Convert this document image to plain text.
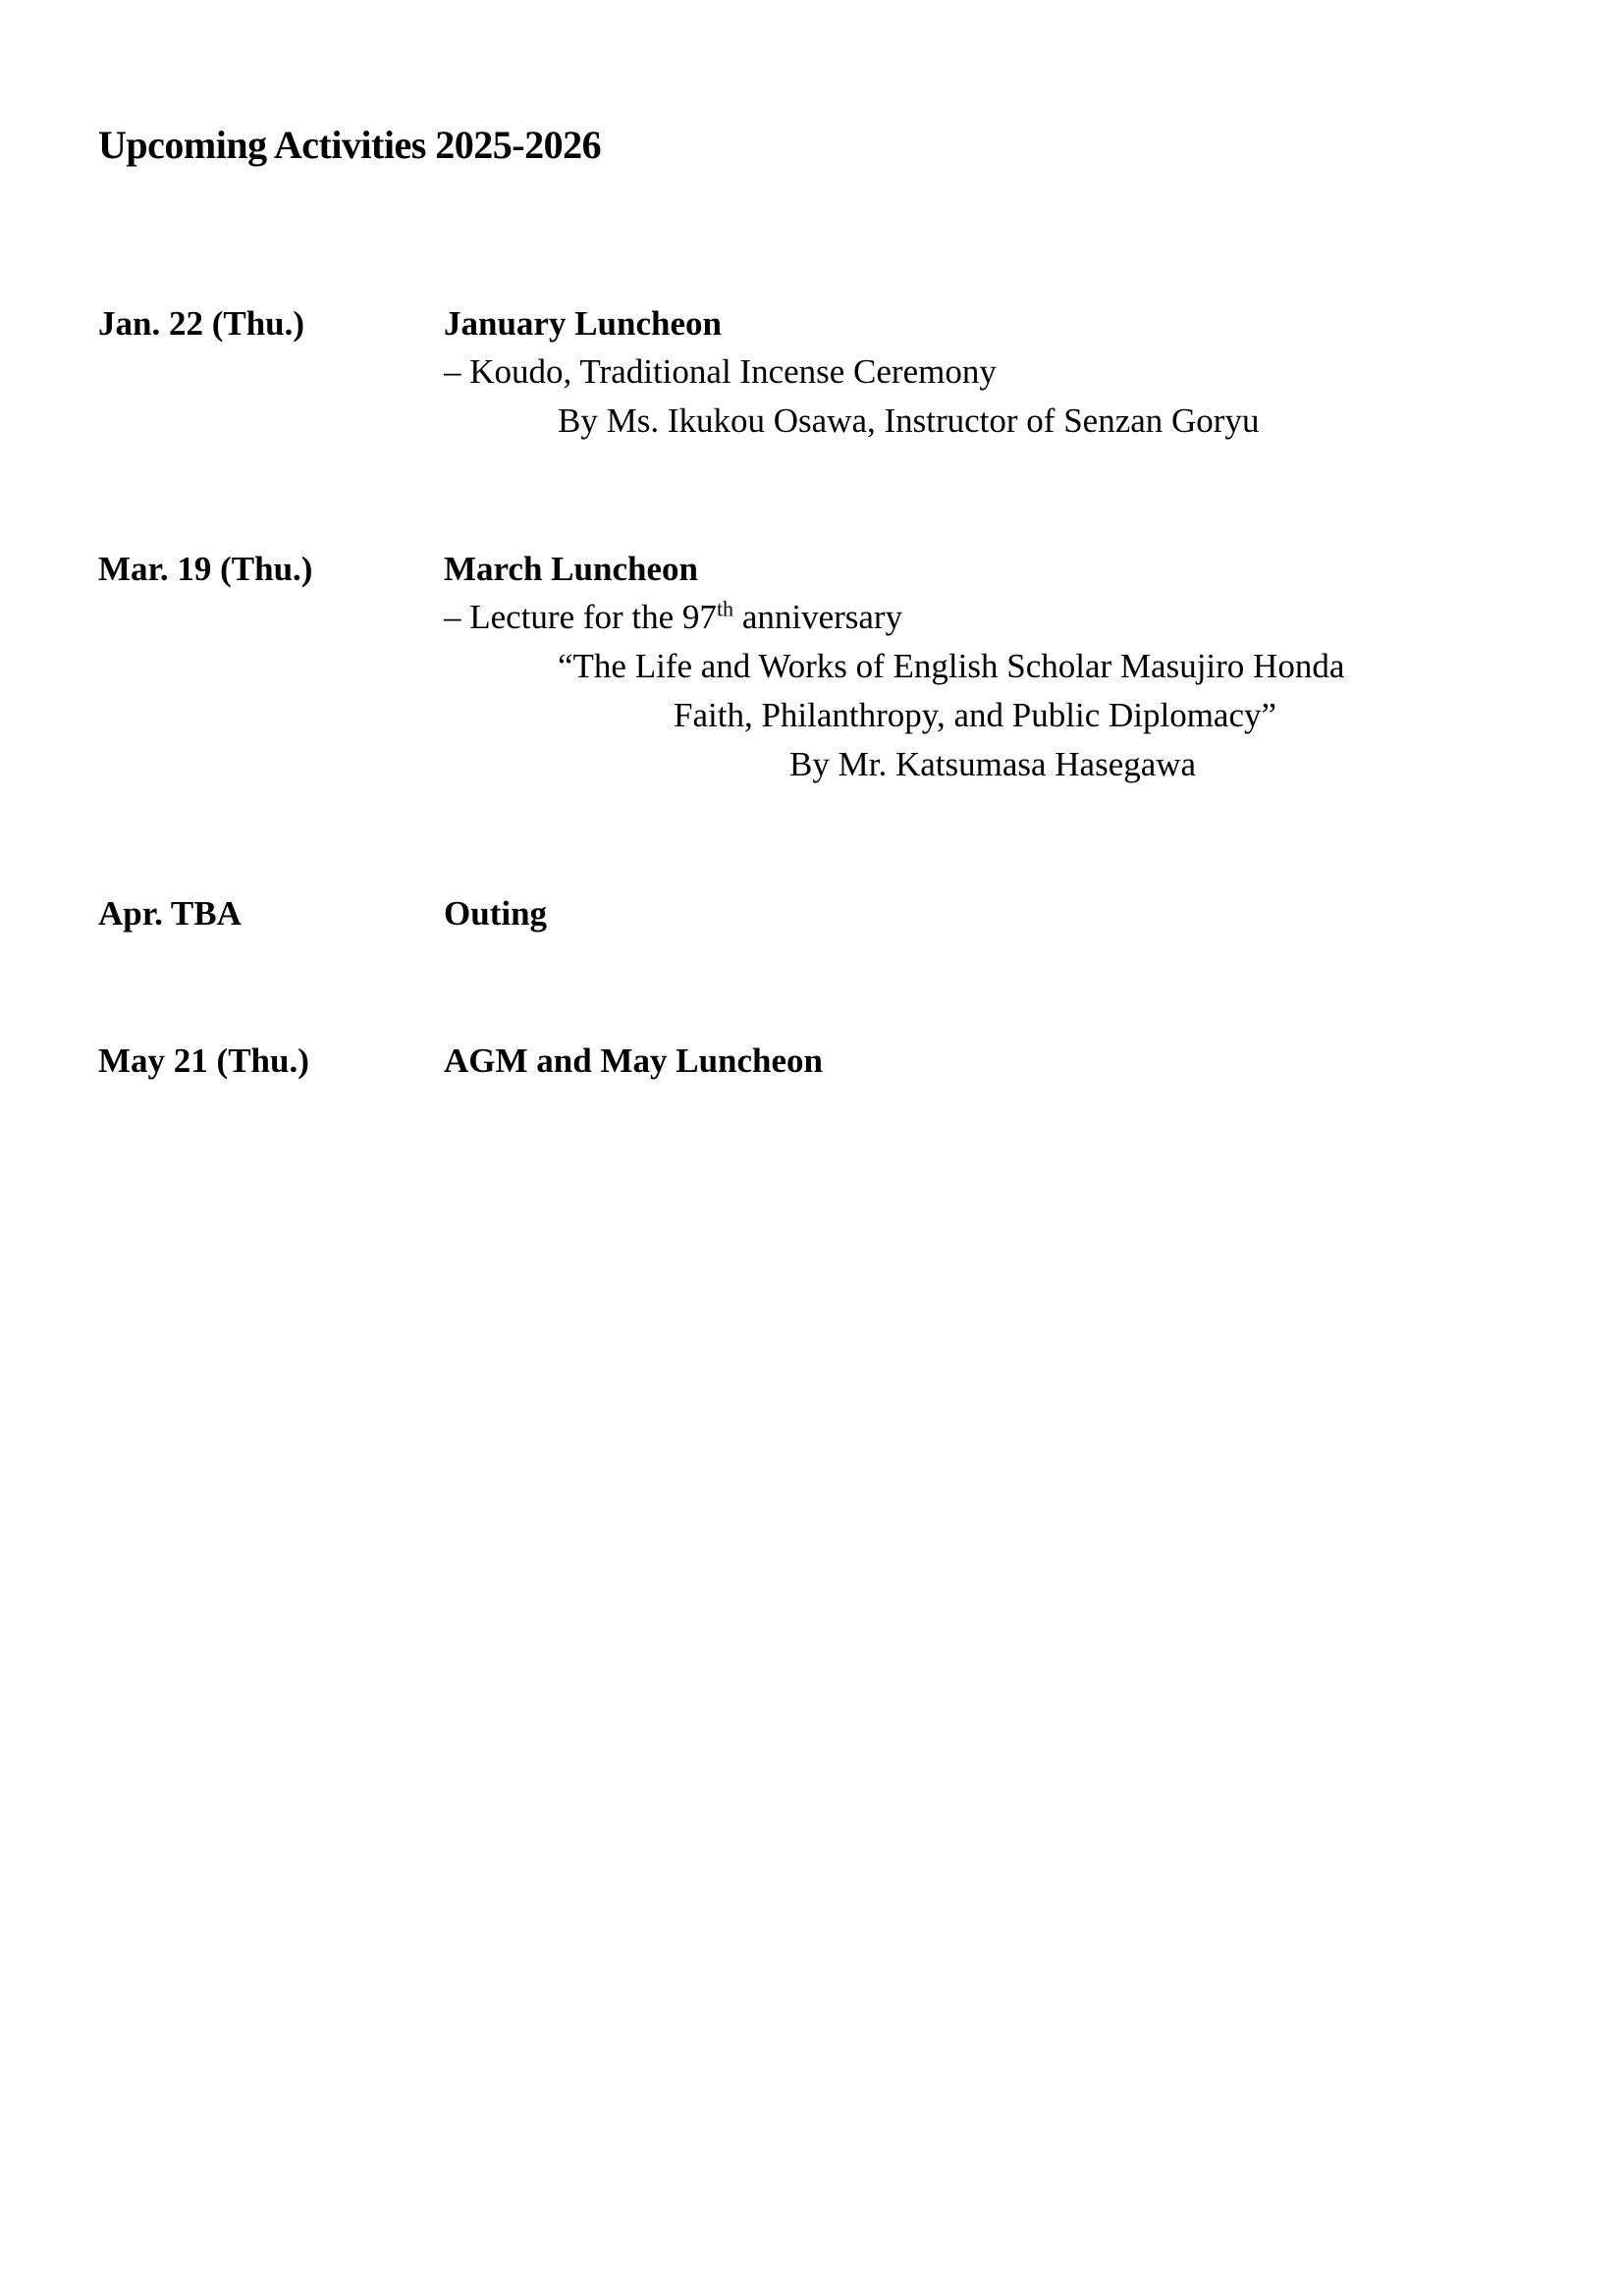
Upcoming Activities 2025-2026
Jan. 22 (Thu.)	January Luncheon
– Koudo, Traditional Incense Ceremony
By Ms. Ikukou Osawa, Instructor of Senzan Goryu
Mar. 19 (Thu.)	March Luncheon
– Lecture for the 97th anniversary
“The Life and Works of English Scholar Masujiro Honda
Faith, Philanthropy, and Public Diplomacy”
By Mr. Katsumasa Hasegawa
Apr. TBA	Outing
May 21 (Thu.)	AGM and May Luncheon
